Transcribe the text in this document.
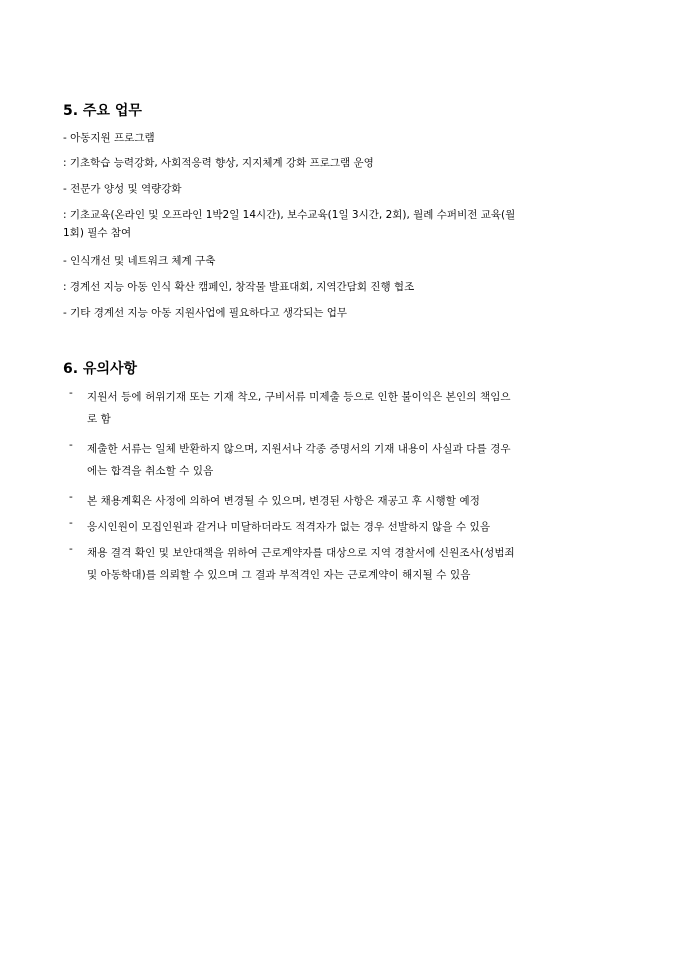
5. 주요 업무
- 아동지원 프로그램
: 기초학습 능력강화, 사회적응력 향상, 지지체계 강화 프로그램 운영
- 전문가 양성 및 역량강화
: 기초교육(온라인 및 오프라인 1박2일 14시간), 보수교육(1일 3시간, 2회), 월례 수퍼비전 교육(월
1회) 필수 참여
- 인식개선 및 네트워크 체계 구축
: 경계선 지능 아동 인식 확산 캠페인, 창작물 발표대회, 지역간담회 진행 협조
- 기타 경계선 지능 아동 지원사업에 필요하다고 생각되는 업무
6. 유의사항
- 지원서 등에 허위기재 또는 기재 착오, 구비서류 미제출 등으로 인한 불이익은 본인의 책임으
로 함
- 제출한 서류는 일체 반환하지 않으며, 지원서나 각종 증명서의 기재 내용이 사실과 다를 경우
에는 합격을 취소할 수 있음
- 본 채용계획은 사정에 의하여 변경될 수 있으며, 변경된 사항은 재공고 후 시행할 예정
- 응시인원이 모집인원과 같거나 미달하더라도 적격자가 없는 경우 선발하지 않을 수 있음
- 채용 결격 확인 및 보안대책을 위하여 근로계약자를 대상으로 지역 경찰서에 신원조사(성범죄
및 아동학대)를 의뢰할 수 있으며 그 결과 부적격인 자는 근로계약이 해지될 수 있음
